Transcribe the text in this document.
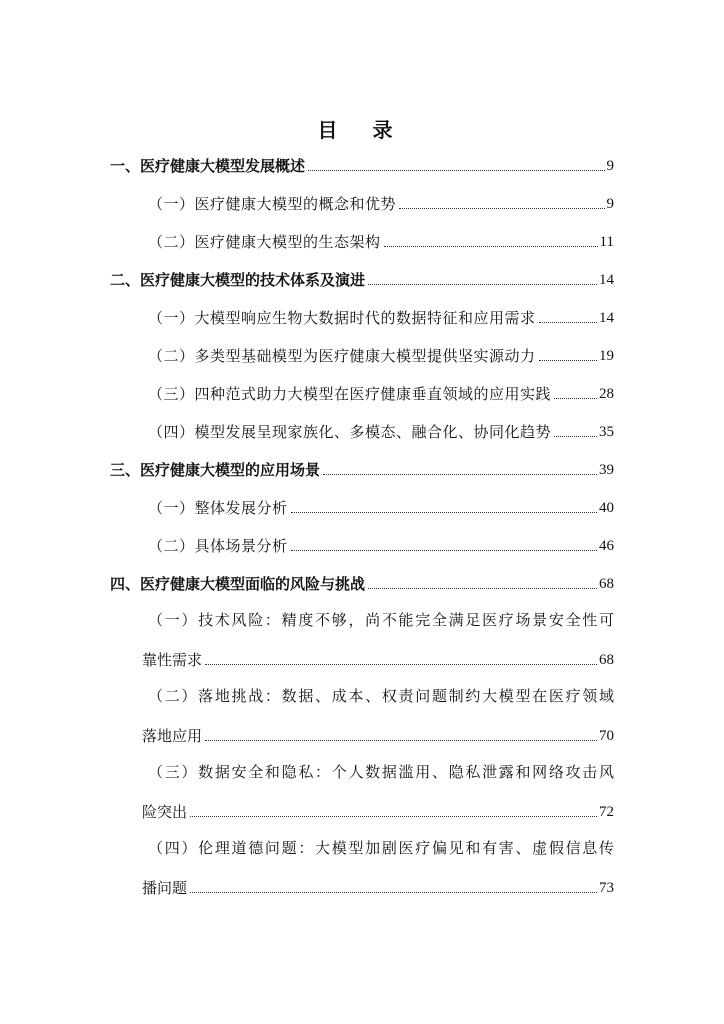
目 录
一、医疗健康大模型发展概述	9
（一）医疗健康大模型的概念和优势	9
（二）医疗健康大模型的生态架构	11
二、医疗健康大模型的技术体系及演进	14
（一）大模型响应生物大数据时代的数据特征和应用需求	14
（二）多类型基础模型为医疗健康大模型提供坚实源动力	19
（三）四种范式助力大模型在医疗健康垂直领域的应用实践	28
（四）模型发展呈现家族化、多模态、融合化、协同化趋势	35
三、医疗健康大模型的应用场景	39
（一）整体发展分析	40
（二）具体场景分析	46
四、医疗健康大模型面临的风险与挑战	68
（一）技术风险：精度不够，尚不能完全满足医疗场景安全性可
靠性需求	68
（二）落地挑战：数据、成本、权责问题制约大模型在医疗领域
落地应用	70
（三）数据安全和隐私：个人数据滥用、隐私泄露和网络攻击风
险突出	72
（四）伦理道德问题：大模型加剧医疗偏见和有害、虚假信息传
播问题	73
